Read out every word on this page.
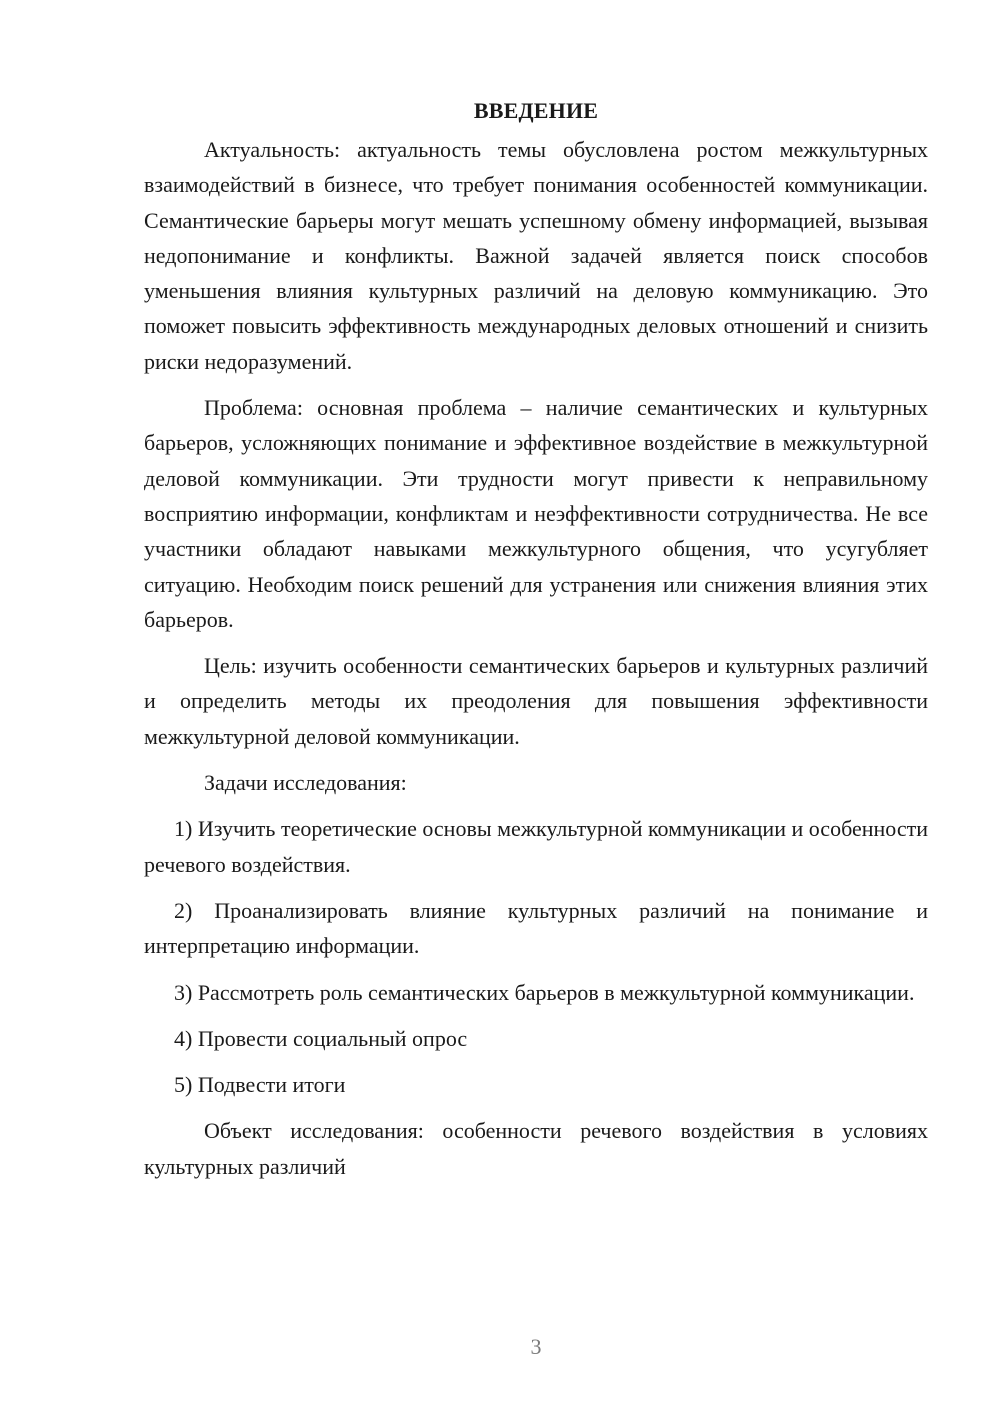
ВВЕДЕНИЕ

Актуальность: актуальность темы обусловлена ростом межкультурных взаимодействий в бизнесе, что требует понимания особенностей коммуникации. Семантические барьеры могут мешать успешному обмену информацией, вызывая недопонимание и конфликты. Важной задачей является поиск способов уменьшения влияния культурных различий на деловую коммуникацию. Это поможет повысить эффективность международных деловых отношений и снизить риски недоразумений.

Проблема: основная проблема – наличие семантических и культурных барьеров, усложняющих понимание и эффективное воздействие в межкультурной деловой коммуникации. Эти трудности могут привести к неправильному восприятию информации, конфликтам и неэффективности сотрудничества. Не все участники обладают навыками межкультурного общения, что усугубляет ситуацию. Необходим поиск решений для устранения или снижения влияния этих барьеров.

Цель: изучить особенности семантических барьеров и культурных различий и определить методы их преодоления для повышения эффективности межкультурной деловой коммуникации.

Задачи исследования:

1) Изучить теоретические основы межкультурной коммуникации и особенности речевого воздействия.

2) Проанализировать влияние культурных различий на понимание и интерпретацию информации.

3) Рассмотреть роль семантических барьеров в межкультурной коммуникации.

4) Провести социальный опрос

5) Подвести итоги

Объект исследования: особенности речевого воздействия в условиях культурных различий

3
